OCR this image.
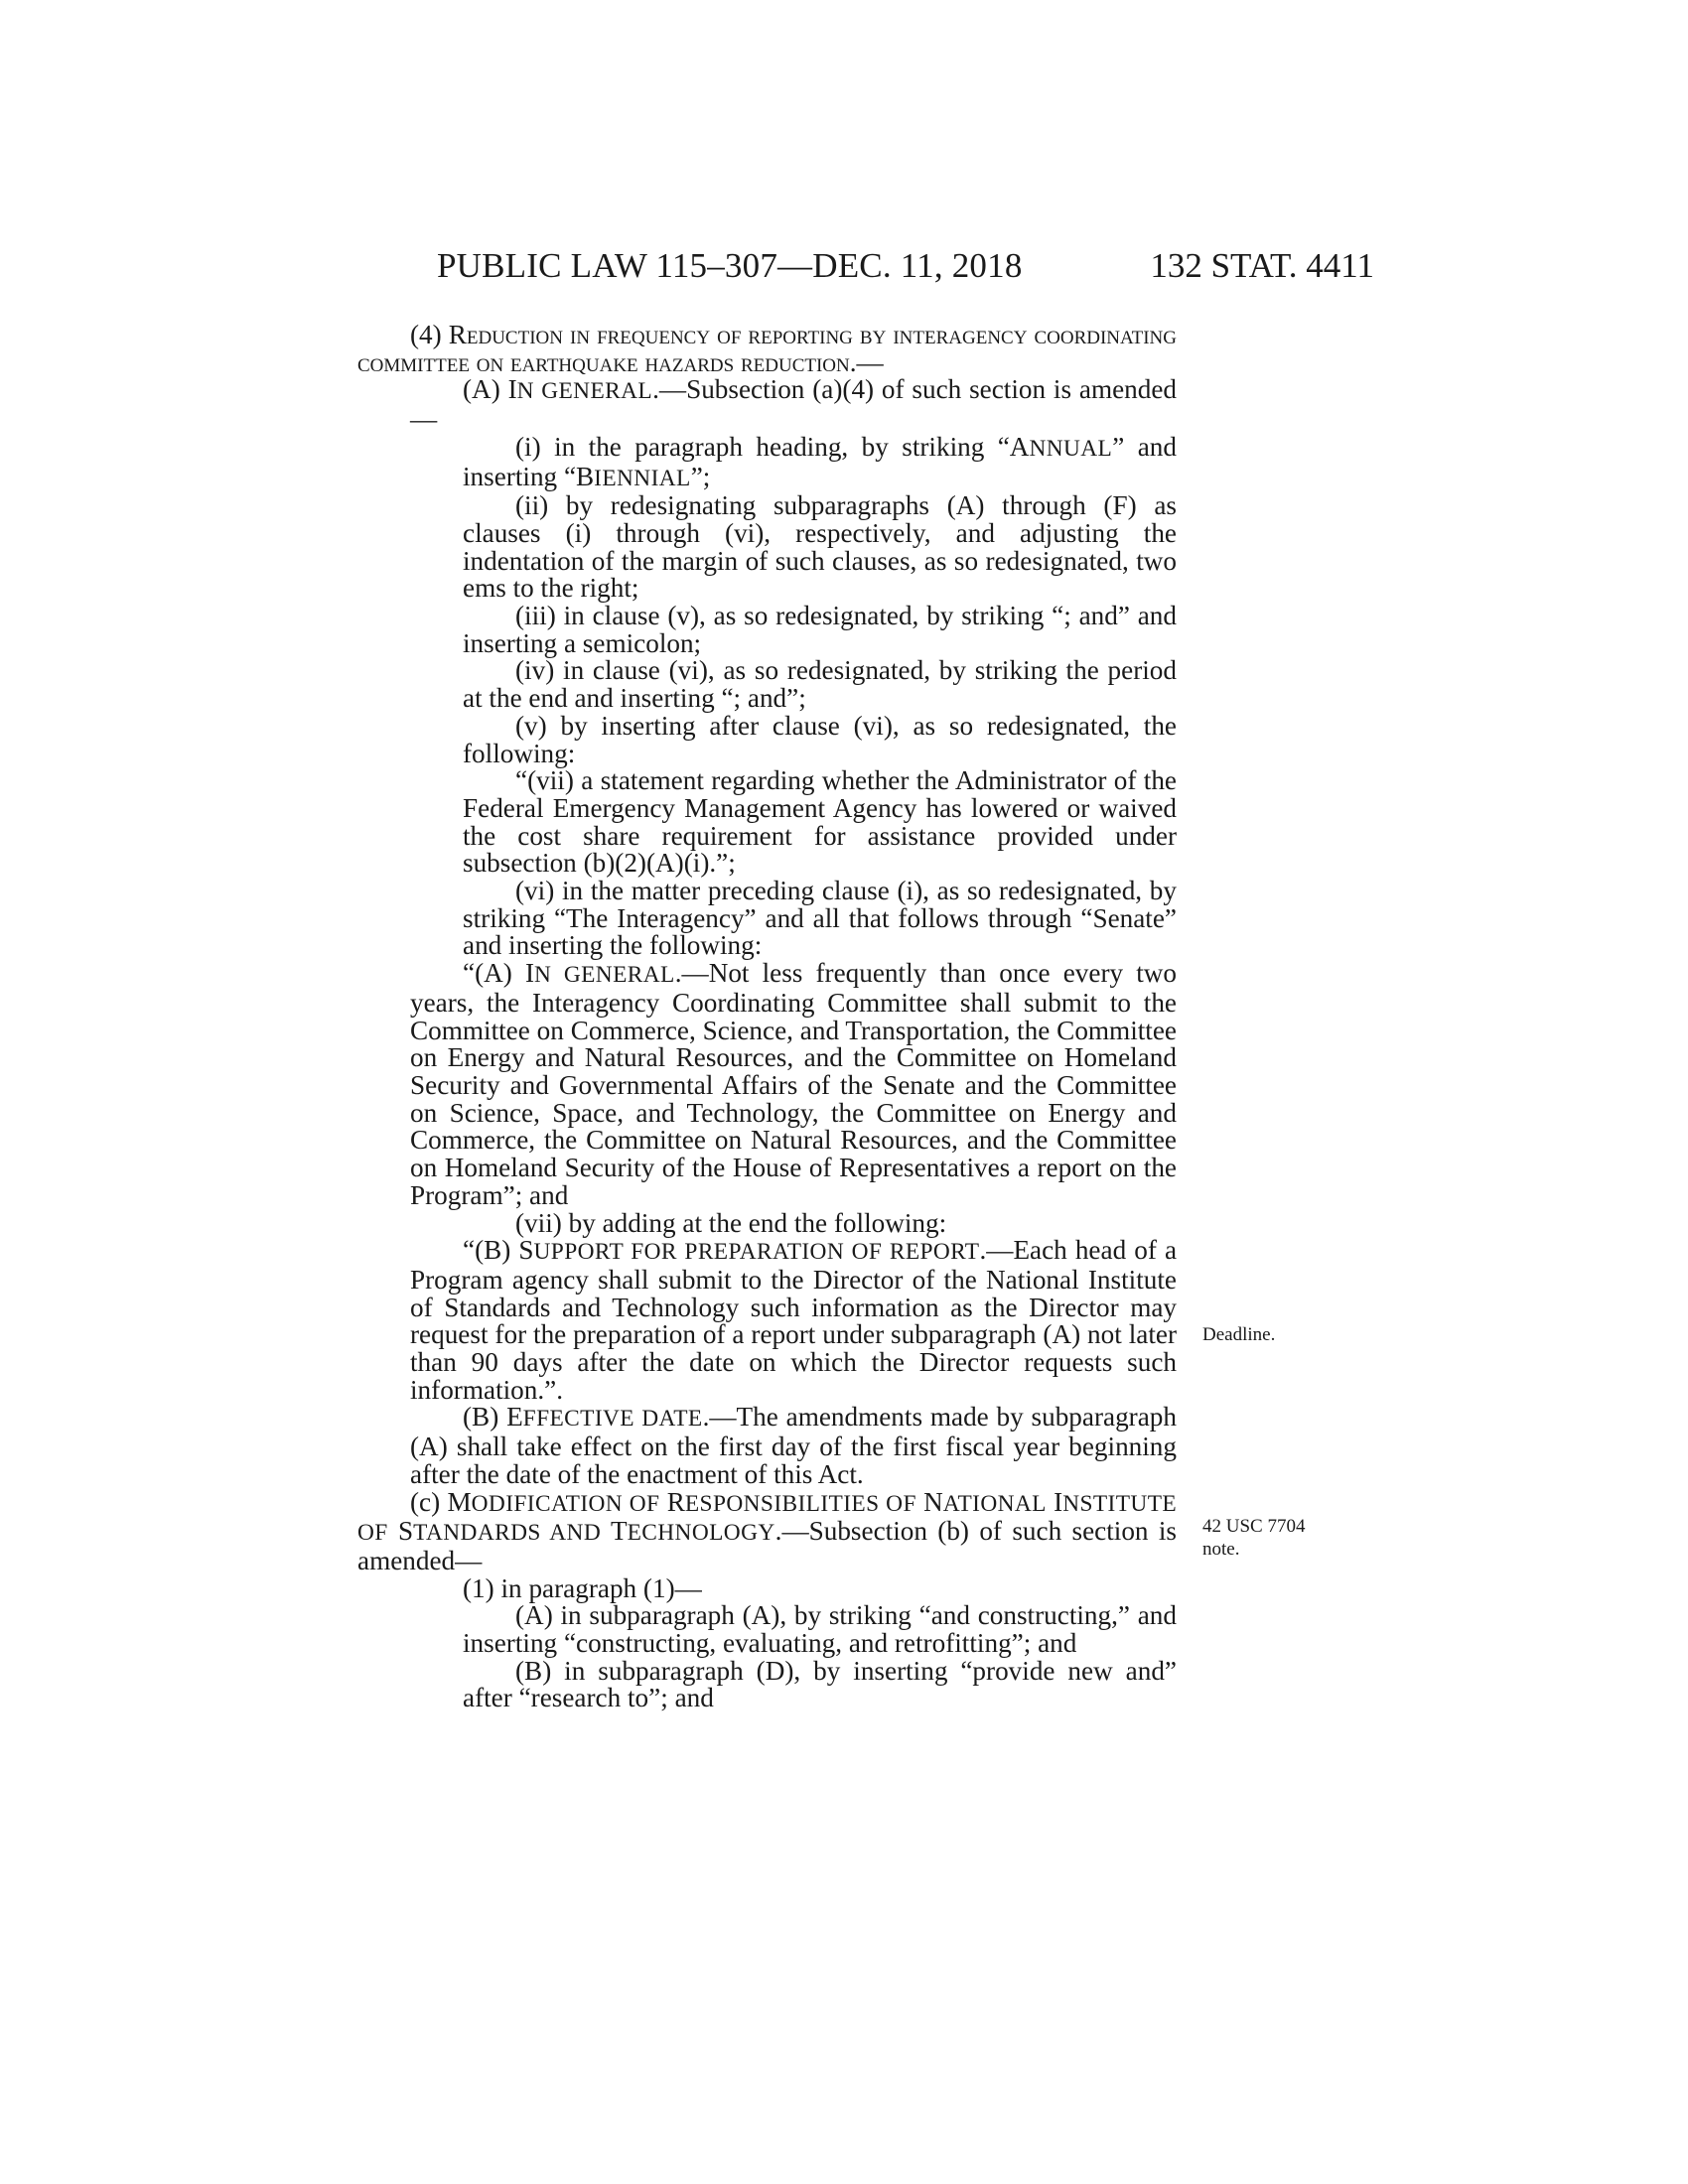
PUBLIC LAW 115–307—DEC. 11, 2018	132 STAT. 4411

(4) Reduction in frequency of reporting by interagency coordinating committee on earthquake hazards reduction.—

(A) IN GENERAL.—Subsection (a)(4) of such section is amended—

(i) in the paragraph heading, by striking “ANNUAL” and inserting “BIENNIAL”;

(ii) by redesignating subparagraphs (A) through (F) as clauses (i) through (vi), respectively, and adjusting the indentation of the margin of such clauses, as so redesignated, two ems to the right;

(iii) in clause (v), as so redesignated, by striking “; and” and inserting a semicolon;

(iv) in clause (vi), as so redesignated, by striking the period at the end and inserting “; and”;

(v) by inserting after clause (vi), as so redesignated, the following:

“(vii) a statement regarding whether the Administrator of the Federal Emergency Management Agency has lowered or waived the cost share requirement for assistance provided under subsection (b)(2)(A)(i).”;

(vi) in the matter preceding clause (i), as so redesignated, by striking “The Interagency” and all that follows through “Senate” and inserting the following:

“(A) IN GENERAL.—Not less frequently than once every two years, the Interagency Coordinating Committee shall submit to the Committee on Commerce, Science, and Transportation, the Committee on Energy and Natural Resources, and the Committee on Homeland Security and Governmental Affairs of the Senate and the Committee on Science, Space, and Technology, the Committee on Energy and Commerce, the Committee on Natural Resources, and the Committee on Homeland Security of the House of Representatives a report on the Program”; and

(vii) by adding at the end the following:

“(B) SUPPORT FOR PREPARATION OF REPORT.—Each head of a Program agency shall submit to the Director of the National Institute of Standards and Technology such information as the Director may request for the preparation of a report under subparagraph (A) not later than 90 days after the date on which the Director requests such information.”.

(B) EFFECTIVE DATE.—The amendments made by subparagraph (A) shall take effect on the first day of the first fiscal year beginning after the date of the enactment of this Act.

(c) MODIFICATION OF RESPONSIBILITIES OF NATIONAL INSTITUTE OF STANDARDS AND TECHNOLOGY.—Subsection (b) of such section is amended—

(1) in paragraph (1)—

(A) in subparagraph (A), by striking “and constructing,” and inserting “constructing, evaluating, and retrofitting”; and

(B) in subparagraph (D), by inserting “provide new and” after “research to”; and

Deadline.
42 USC 7704
note.
